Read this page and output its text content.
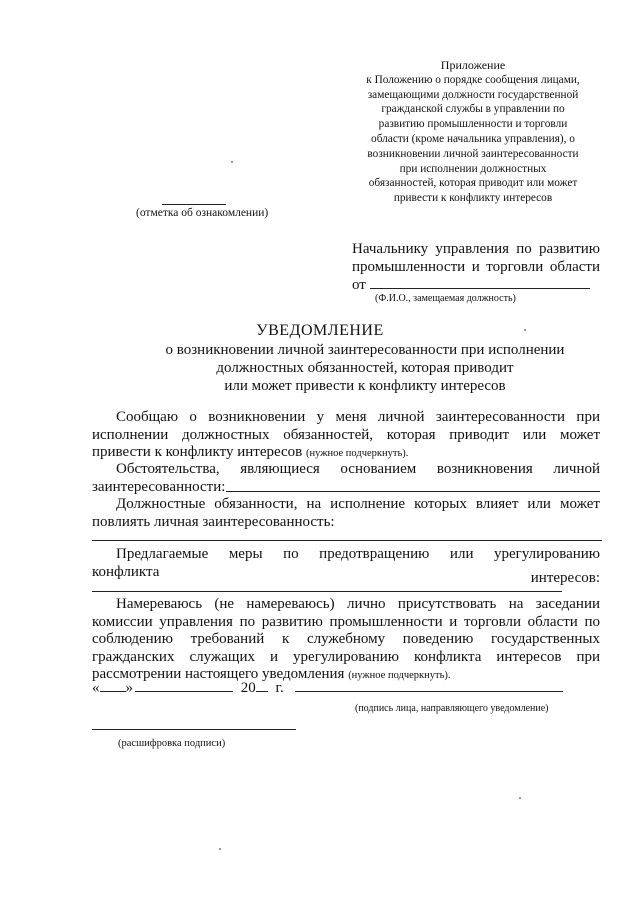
Приложение
к Положению о порядке сообщения лицами,
замещающими должности государственной
гражданской службы в управлении по
развитию промышленности и торговли
области (кроме начальника управления), о
возникновении личной заинтересованности
при исполнении должностных
обязанностей, которая приводит или может
привести к конфликту интересов
(отметка об ознакомлении)
Начальнику управления по развитию
промышленности и торговли области
от
(Ф.И.О., замещаемая должность)
УВЕДОМЛЕНИЕ
о возникновении личной заинтересованности при исполнении
должностных обязанностей, которая приводит
или может привести к конфликту интересов
Сообщаю о возникновении у меня личной заинтересованности при
исполнении должностных обязанностей, которая приводит или может
привести к конфликту интересов (нужное подчеркнуть).
Обстоятельства, являющиеся основанием возникновения личной
заинтересованности:
Должностные обязанности, на исполнение которых влияет или может
повлиять личная заинтересованность:
Предлагаемые меры по предотвращению или урегулированию
конфликта	интересов:
Намереваюсь (не намереваюсь) лично присутствовать на заседании
комиссии управления по развитию промышленности и торговли области по
соблюдению требований к служебному поведению государственных
гражданских служащих и урегулированию конфликта интересов при
рассмотрении настоящего уведомления (нужное подчеркнуть).
« »	20 г.
(подпись лица, направляющего уведомление)
(расшифровка подписи)
